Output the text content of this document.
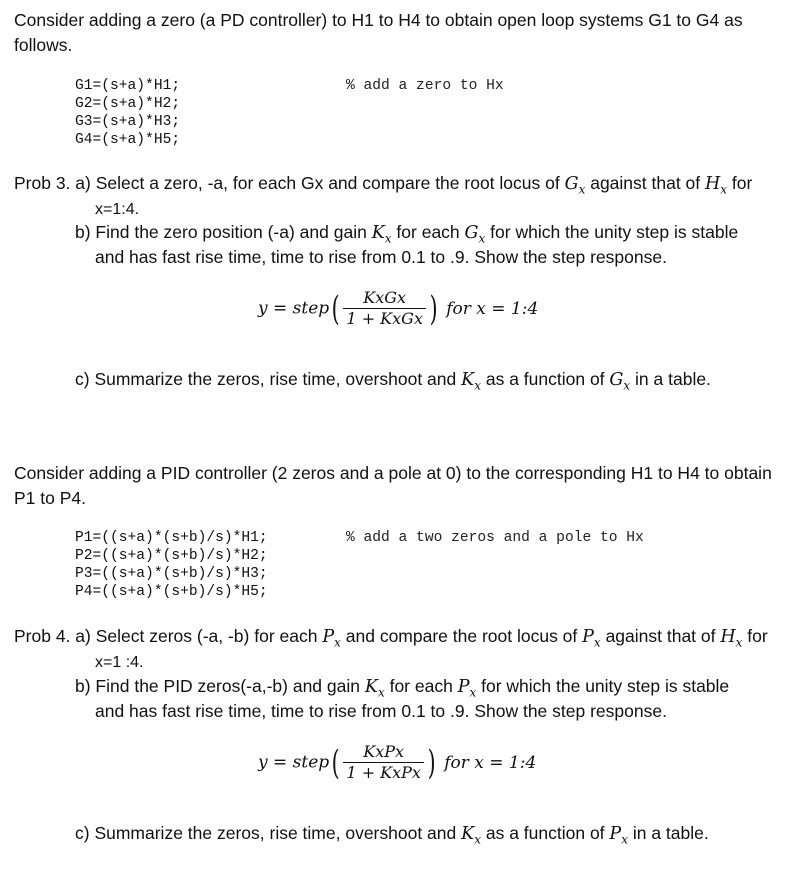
Consider adding a zero (a PD controller) to H1 to H4 to obtain open loop systems G1 to G4 as
follows.
G1=(s+a)*H1;
G2=(s+a)*H2;
G3=(s+a)*H3;
G4=(s+a)*H5;
% add a zero to Hx
Prob 3. a) Select a zero, -a, for each Gx and compare the root locus of $G_x$ against that of $H_x$ for
x=1:4.
b) Find the zero position (-a) and gain $K_x$ for each $G_x$ for which the unity step is stable
and has fast rise time, time to rise from 0.1 to .9. Show the step response.
y = step( $\frac{\text{KxGx}}{\text{1 + KxGx}}$ ) for x = 1:4
c) Summarize the zeros, rise time, overshoot and $K_x$ as a function of $G_x$ in a table.
Consider adding a PID controller (2 zeros and a pole at 0) to the corresponding H1 to H4 to obtain
P1 to P4.
P1=((s+a)*(s+b)/s)*H1;
P2=((s+a)*(s+b)/s)*H2;
P3=((s+a)*(s+b)/s)*H3;
P4=((s+a)*(s+b)/s)*H5;
% add a two zeros and a pole to Hx
Prob 4. a) Select zeros (-a, -b) for each $P_x$ and compare the root locus of $P_x$ against that of $H_x$ for
x=1 :4.
b) Find the PID zeros(-a,-b) and gain $K_x$ for each $P_x$ for which the unity step is stable
and has fast rise time, time to rise from 0.1 to .9. Show the step response.
y = step( $\frac{\text{KxPx}}{\text{1 + KxPx}}$ ) for x = 1:4
c) Summarize the zeros, rise time, overshoot and $K_x$ as a function of $P_x$ in a table.
